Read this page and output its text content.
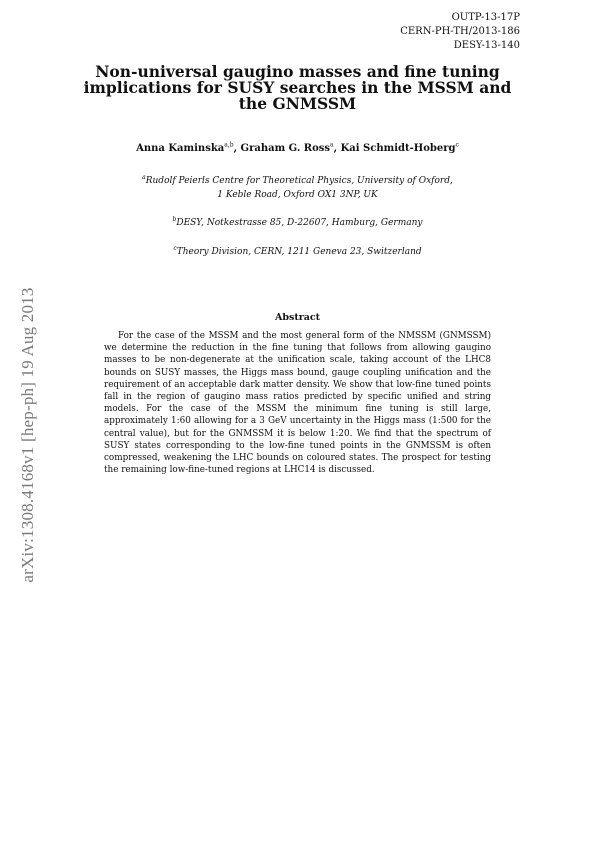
OUTP-13-17P
CERN-PH-TH/2013-186
DESY-13-140
arXiv:1308.4168v1 [hep-ph] 19 Aug 2013
Non-universal gaugino masses and fine tuning implications for SUSY searches in the MSSM and the GNMSSM
Anna Kaminska$^{a,b}$, Graham G. Ross$^a$, Kai Schmidt-Hoberg$^c$
$^a$Rudolf Peierls Centre for Theoretical Physics, University of Oxford,
1 Keble Road, Oxford OX1 3NP, UK
$^b$DESY, Notkestrasse 85, D-22607, Hamburg, Germany
$^c$Theory Division, CERN, 1211 Geneva 23, Switzerland
Abstract

For the case of the MSSM and the most general form of the NMSSM (GNMSSM) we determine the reduction in the fine tuning that follows from allowing gaugino masses to be non-degenerate at the unification scale, taking account of the LHC8 bounds on SUSY masses, the Higgs mass bound, gauge coupling unification and the requirement of an acceptable dark matter density. We show that low-fine tuned points fall in the region of gaugino mass ratios predicted by specific unified and string models. For the case of the MSSM the minimum fine tuning is still large, approximately 1:60 allowing for a 3 GeV uncertainty in the Higgs mass (1:500 for the central value), but for the GNMSSM it is below 1:20. We find that the spectrum of SUSY states corresponding to the low-fine tuned points in the GNMSSM is often compressed, weakening the LHC bounds on coloured states. The prospect for testing the remaining low-fine-tuned regions at LHC14 is discussed.
